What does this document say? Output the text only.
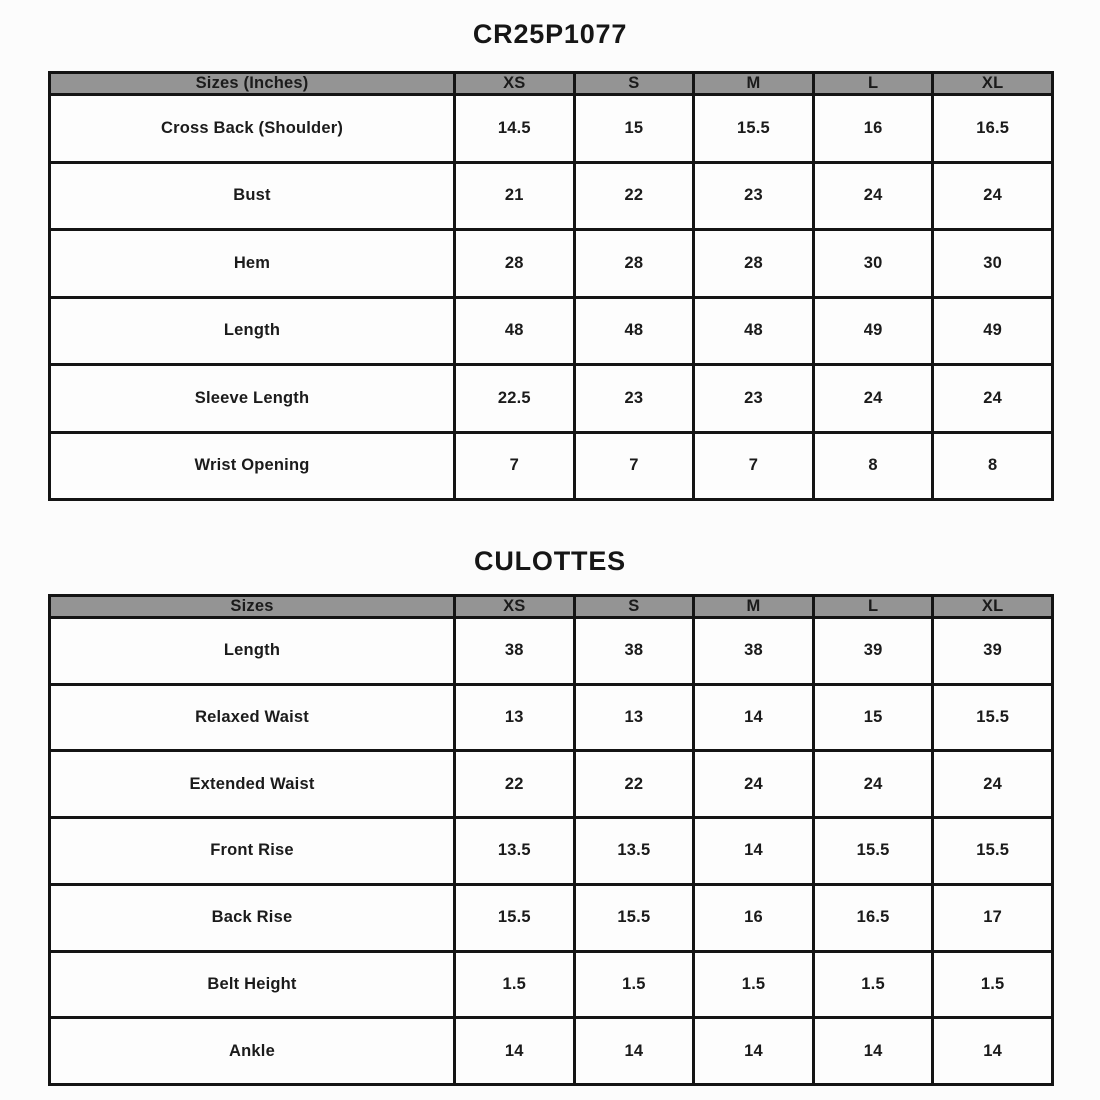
CR25P1077
Sizes (Inches)	XS	S	M	L	XL
Cross Back (Shoulder)	14.5	15	15.5	16	16.5
Bust	21	22	23	24	24
Hem	28	28	28	30	30
Length	48	48	48	49	49
Sleeve Length	22.5	23	23	24	24
Wrist Opening	7	7	7	8	8
CULOTTES
Sizes	XS	S	M	L	XL
Length	38	38	38	39	39
Relaxed Waist	13	13	14	15	15.5
Extended Waist	22	22	24	24	24
Front Rise	13.5	13.5	14	15.5	15.5
Back Rise	15.5	15.5	16	16.5	17
Belt Height	1.5	1.5	1.5	1.5	1.5
Ankle	14	14	14	14	14
